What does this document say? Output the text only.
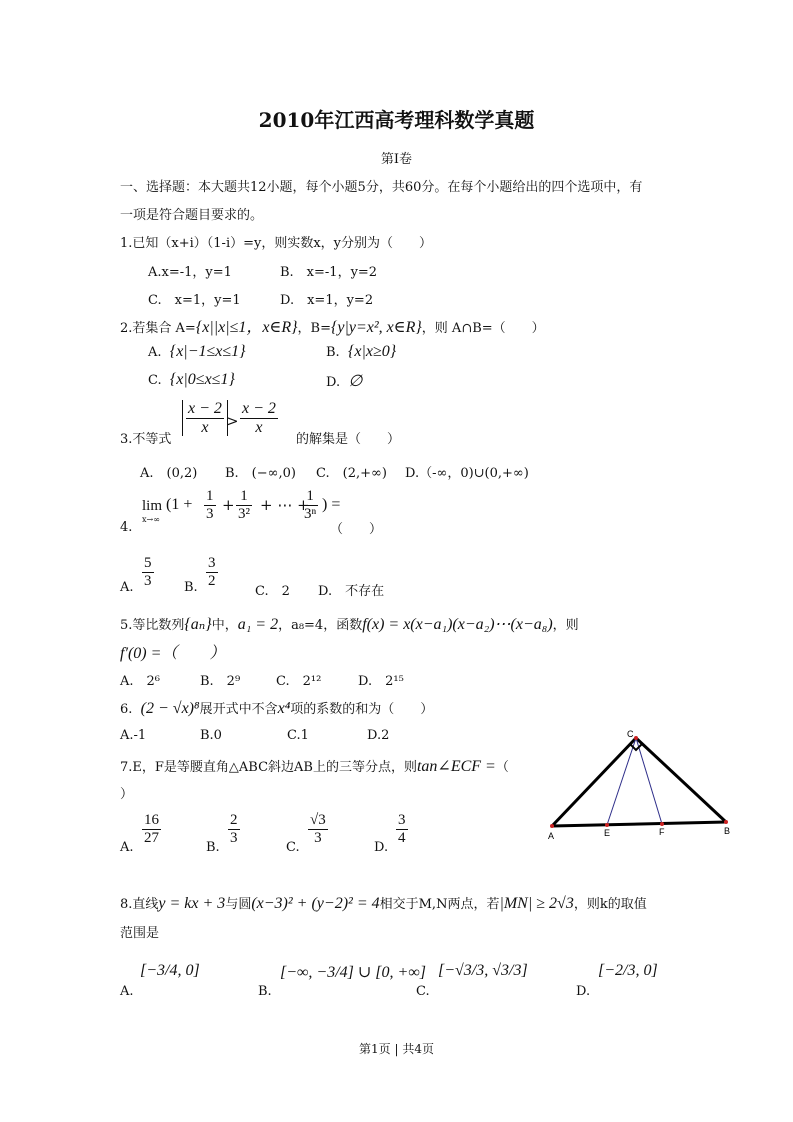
2010年江西高考理科数学真题
第I卷
一、选择题：本大题共12小题，每个小题5分，共60分。在每个小题给出的四个选项中，有
一项是符合题目要求的。
1.已知（x+i）（1-i）=y，则实数x，y分别为（　　）
A.x=-1，y=1	B.　x=-1，y=2
C.　x=1，y=1	D.　x=1，y=2
2.若集合 A={x||x|≤1，x∈R}，B={y|y=x², x∈R}，则 A∩B=（　　）
A. {x|−1≤x≤1}	B. {x|x≥0}
C. {x|0≤x≤1}	D. ∅
3.不等式
$\frac{x - 2}{x} > \frac{x - 2}{x}$
的解集是（　　）
A.　(0,2) B.　(−∞,0) C.　(2,+∞) D.（-∞，0)∪(0,+∞)
4.
lim
x→∞
($1 + \frac{1}{3} + \frac{1}{\text{3²}}$ + ⋯ +
$\frac{1}{\text{3ⁿ}}$ ) =
（　　）
A. $\frac{5}{3} B$. $\frac{3}{2}$
C.　2 D.　不存在
5.等比数列{aₙ}中，a₁ = 2，a₈=4，函数f(x) = x(x−a₁)(x−a₂)⋯(x−a₈)，则
f′(0) =（　　）
A.　2⁶	B.　2⁹	C.　2¹²	D.　2¹⁵
6. (2 − √x)⁸展开式中不含x⁴项的系数的和为（　　）
A.-1	B.0	C.1	D.2
7.E，F是等腰直角△ABC斜边AB上的三等分点，则tan∠ECF =（
）
A.
$\frac{16}{27}$
B.
$\frac{2}{3}$
C.
$\frac{√3}{3}$
D.
$\frac{3}{4}$	A	B
C
E	F
8.直线y = kx + 3与圆(x−3)² + (y−2)² = 4相交于M,N两点，若|MN| ≥ 2√3，则k的取值
范围是
A.
[−3/4, 0]
B.
[−∞, −3/4] ∪ [0, +∞]
C.
[−√3/3, √3/3]
D.
[−2/3, 0]
第1页 | 共4页
